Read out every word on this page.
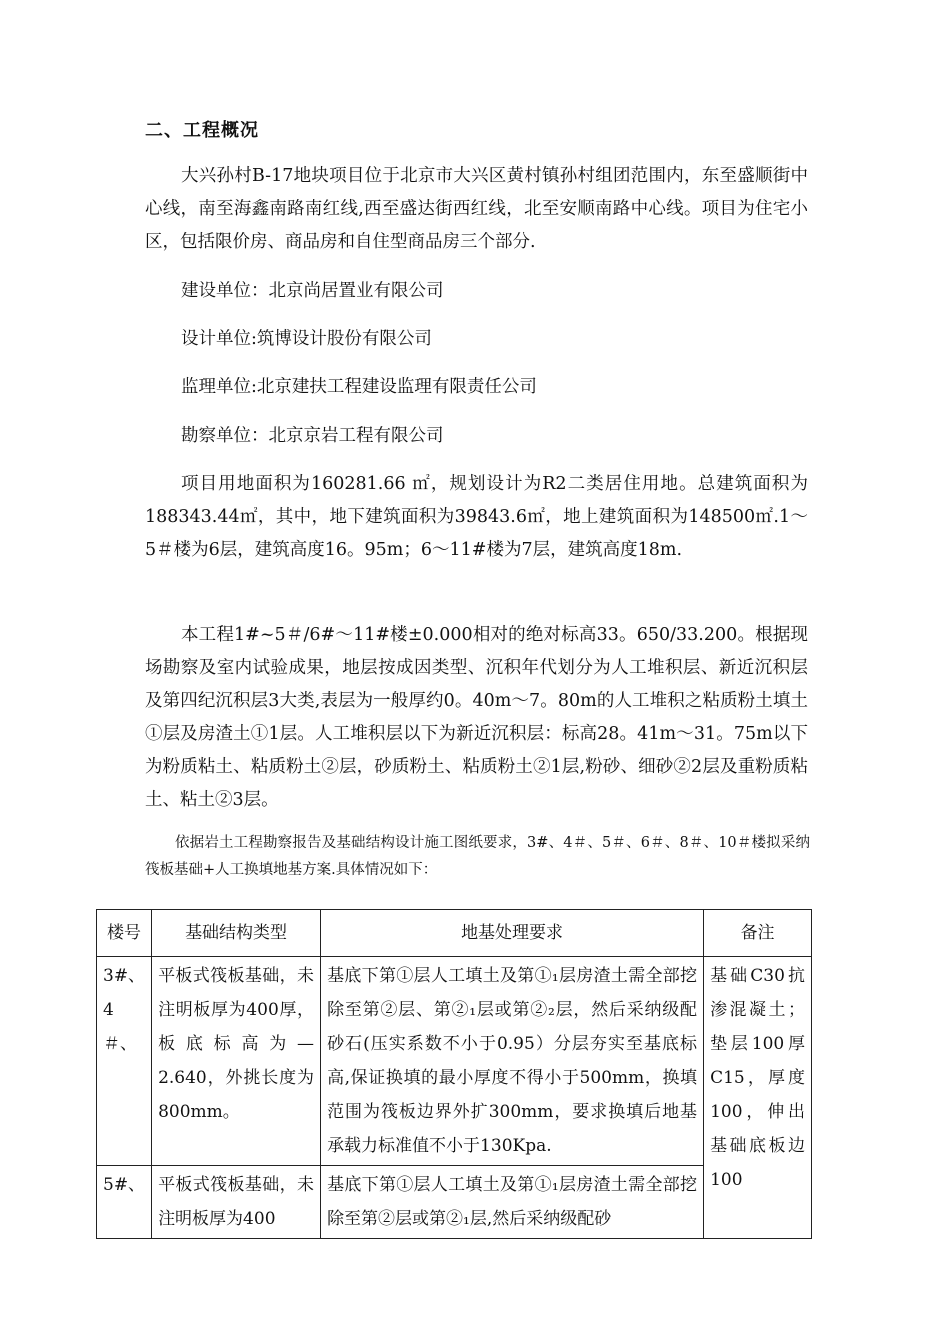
二、工程概况

大兴孙村B-17地块项目位于北京市大兴区黄村镇孙村组团范围内，东至盛顺街中心线，南至海鑫南路南红线,西至盛达街西红线，北至安顺南路中心线。项目为住宅小区，包括限价房、商品房和自住型商品房三个部分.

建设单位：北京尚居置业有限公司
设计单位:筑博设计股份有限公司
监理单位:北京建扶工程建设监理有限责任公司
勘察单位：北京京岩工程有限公司

项目用地面积为160281.66 ㎡，规划设计为R2二类居住用地。总建筑面积为188343.44㎡，其中，地下建筑面积为39843.6㎡，地上建筑面积为148500㎡.1～5＃楼为6层，建筑高度16。95m；6～11#楼为7层，建筑高度18m.

本工程1#~5＃/6#～11#楼±0.000相对的绝对标高33。650/33.200。根据现场勘察及室内试验成果，地层按成因类型、沉积年代划分为人工堆积层、新近沉积层及第四纪沉积层3大类,表层为一般厚约0。40m～7。80m的人工堆积之粘质粉土填土①层及房渣土①1层。人工堆积层以下为新近沉积层：标高28。41m～31。75m以下为粉质粘土、粘质粉土②层，砂质粉土、粘质粉土②1层,粉砂、细砂②2层及重粉质粘土、粘土②3层。

依据岩土工程勘察报告及基础结构设计施工图纸要求，3#、4＃、5＃、6＃、8＃、10＃楼拟采纳筏板基础+人工换填地基方案.具体情况如下：

楼号	基础结构类型	地基处理要求	备注
3#、4＃、	平板式筏板基础，未注明板厚为400厚，板底标高为—2.640，外挑长度为800mm。	基底下第①层人工填土及第①₁层房渣土需全部挖除至第②层、第②₁层或第②₂层，然后采纳级配砂石(压实系数不小于0.95）分层夯实至基底标高,保证换填的最小厚度不得小于500mm，换填范围为筏板边界外扩300mm，要求换填后地基承载力标准值不小于130Kpa.	基础C30抗渗混凝土；垫层100厚C15，厚度100，伸出基础底板边100
5#、	平板式筏板基础，未注明板厚为400	基底下第①层人工填土及第①₁层房渣土需全部挖除至第②层或第②₁层,然后采纳级配砂	
